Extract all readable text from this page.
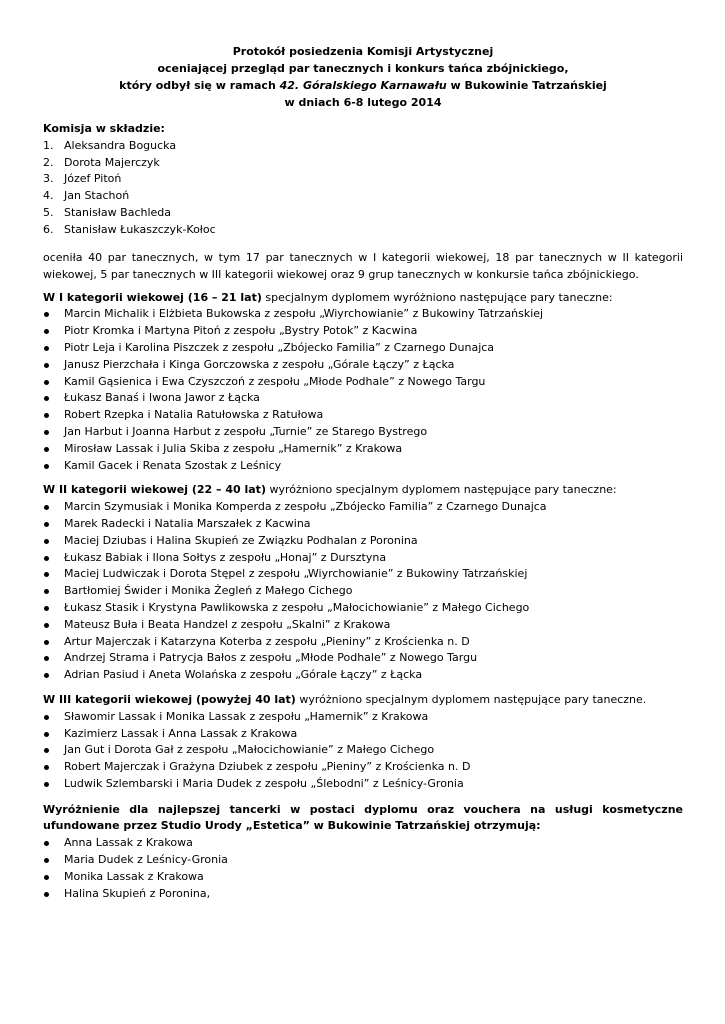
Protokół posiedzenia Komisji Artystycznej
oceniającej przegląd par tanecznych i konkurs tańca zbójnickiego,
który odbył się w ramach 42. Góralskiego Karnawału w Bukowinie Tatrzańskiej
w dniach 6-8 lutego 2014
Komisja w składzie:
1. Aleksandra Bogucka
2. Dorota Majerczyk
3. Józef Pitoń
4. Jan Stachoń
5. Stanisław Bachleda
6. Stanisław Łukaszczyk-Kołoc
oceniła 40 par tanecznych, w tym 17 par tanecznych w I kategorii wiekowej, 18 par tanecznych w II kategorii wiekowej, 5 par tanecznych w III kategorii wiekowej oraz 9 grup tanecznych w konkursie tańca zbójnickiego.
W I kategorii wiekowej (16 – 21 lat) specjalnym dyplomem wyróżniono następujące pary taneczne:
Marcin Michalik i Elżbieta Bukowska z zespołu „Wiyrchowianie” z Bukowiny Tatrzańskiej
Piotr Kromka i Martyna Pitoń z zespołu „Bystry Potok” z Kacwina
Piotr Leja i Karolina Piszczek z zespołu „Zbójecko Familia” z Czarnego Dunajca
Janusz Pierzchała i Kinga Gorczowska z zespołu „Górale Łączy” z Łącka
Kamil Gąsienica i Ewa Czyszczoń z zespołu „Młode Podhale” z Nowego Targu
Łukasz Banaś i Iwona Jawor z Łącka
Robert Rzepka i Natalia Ratułowska z Ratułowa
Jan Harbut i Joanna Harbut z zespołu „Turnie” ze Starego Bystrego
Mirosław Lassak i Julia Skiba z zespołu „Hamernik” z Krakowa
Kamil Gacek i Renata Szostak z Leśnicy
W II kategorii wiekowej (22 – 40 lat) wyróżniono specjalnym dyplomem następujące pary taneczne:
Marcin Szymusiak i Monika Komperda z zespołu „Zbójecko Familia” z Czarnego Dunajca
Marek Radecki i Natalia Marszałek z Kacwina
Maciej Dziubas i Halina Skupień ze Związku Podhalan z Poronina
Łukasz Babiak i Ilona Sołtys z zespołu „Honaj” z Dursztyna
Maciej Ludwiczak i Dorota Stępel z zespołu „Wiyrchowianie” z Bukowiny Tatrzańskiej
Bartłomiej Świder i Monika Żegleń z Małego Cichego
Łukasz Stasik i Krystyna Pawlikowska z zespołu „Małocichowianie” z Małego Cichego
Mateusz Buła i Beata Handzel z zespołu „Skalni” z Krakowa
Artur Majerczak i Katarzyna Koterba z zespołu „Pieniny” z Krościenka n. D
Andrzej Strama i Patrycja Bałos z zespołu „Młode Podhale” z Nowego Targu
Adrian Pasiud i Aneta Wolańska z zespołu „Górale Łączy” z Łącka
W III kategorii wiekowej (powyżej 40 lat) wyróżniono specjalnym dyplomem następujące pary taneczne.
Sławomir Lassak i Monika Lassak z zespołu „Hamernik” z Krakowa
Kazimierz Lassak i Anna Lassak z Krakowa
Jan Gut i Dorota Gał z zespołu „Małocichowianie” z Małego Cichego
Robert Majerczak i Grażyna Dziubek z zespołu „Pieniny” z Krościenka n. D
Ludwik Szlembarski i Maria Dudek z zespołu „Ślebodni” z Leśnicy-Gronia
Wyróżnienie dla najlepszej tancerki w postaci dyplomu oraz vouchera na usługi kosmetyczne ufundowane przez Studio Urody „Estetica” w Bukowinie Tatrzańskiej otrzymują:
Anna Lassak z Krakowa
Maria Dudek z Leśnicy-Gronia
Monika Lassak z Krakowa
Halina Skupień z Poronina,
